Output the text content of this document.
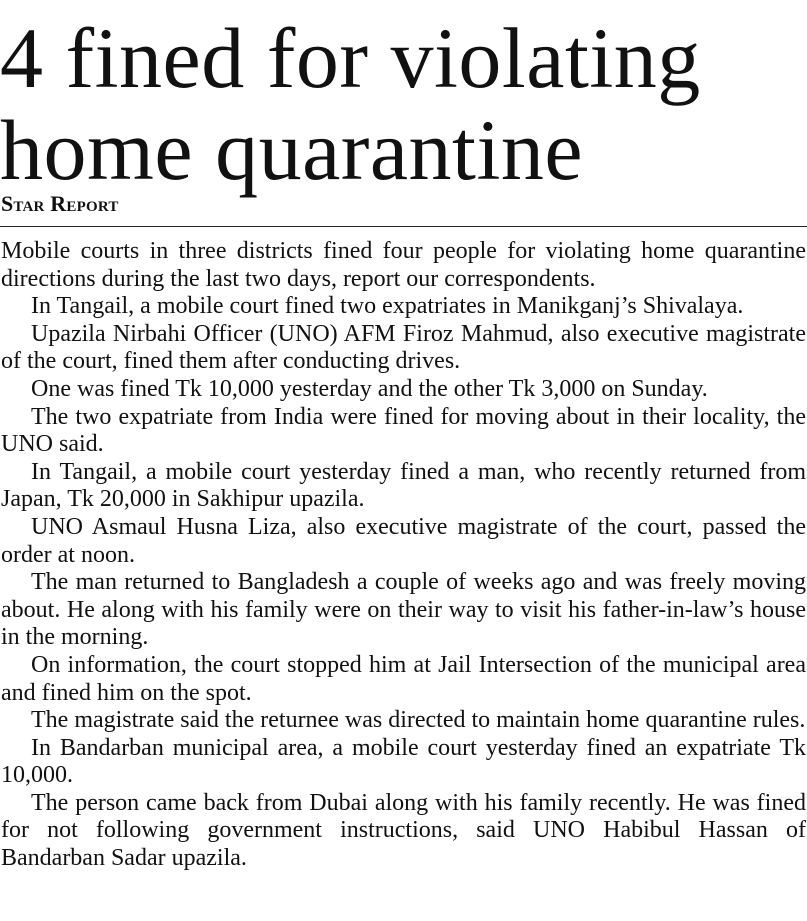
4 fined for violating
home quarantine
Star Report

Mobile courts in three districts fined four people for violating home quarantine directions during the last two days, report our correspondents.

In Tangail, a mobile court fined two expatriates in Manikganj’s Shivalaya.

Upazila Nirbahi Officer (UNO) AFM Firoz Mahmud, also executive magistrate of the court, fined them after conducting drives.

One was fined Tk 10,000 yesterday and the other Tk 3,000 on Sunday.

The two expatriate from India were fined for moving about in their locality, the UNO said.

In Tangail, a mobile court yesterday fined a man, who recently returned from Japan, Tk 20,000 in Sakhipur upazila.

UNO Asmaul Husna Liza, also executive magistrate of the court, passed the order at noon.

The man returned to Bangladesh a couple of weeks ago and was freely moving about. He along with his family were on their way to visit his father-in-law’s house in the morning.

On information, the court stopped him at Jail Intersection of the municipal area and fined him on the spot.

The magistrate said the returnee was directed to maintain home quarantine rules.

In Bandarban municipal area, a mobile court yesterday fined an expatriate Tk 10,000.

The person came back from Dubai along with his family recently. He was fined for not following government instructions, said UNO Habibul Hassan of Bandarban Sadar upazila.
